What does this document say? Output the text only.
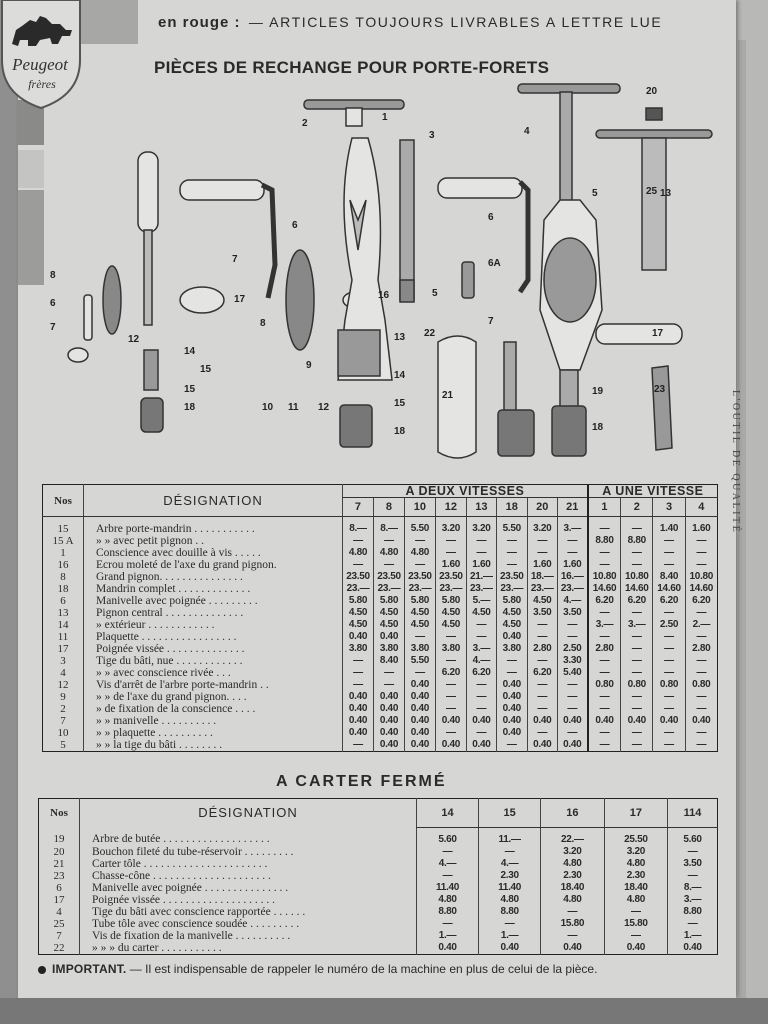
Peugeot
frères
en rouge : — ARTICLES TOUJOURS LIVRABLES A LETTRE LUE
PIÈCES DE RECHANGE POUR PORTE-FORETS
L'OUTIL DE QUALITÉ
2
1
3	4
5
5
6
6
6
6A
7
7
7
8
8
9
10 11
12
12
13
13
14
14
15
15
15
16
17
17
18
18	18
19
20
21
22
23
25
Nos	DÉSIGNATION	A DEUX VITESSES								A UNE VITESSE			
		7	8	10	12	13	18	20	21	1	2	3	4
15	Arbre porte-mandrin . . . . . . . . . . .	8.—	8.—	5.50	3.20	3.20	5.50	3.20	3.—	—	—	1.40	1.60
15 A	» » avec petit pignon . .	—	—	—	—	—	—	—	—	8.80	8.80	—	—
1	Conscience avec douille à vis . . . . .	4.80	4.80	4.80	—	—	—	—	—	—	—	—	—
16	Ecrou moleté de l'axe du grand pignon.	—	—	—	1.60	1.60	—	1.60	1.60	—	—	—	—
8	Grand pignon. . . . . . . . . . . . . . .	23.50	23.50	23.50	23.50	21.—	23.50	18.—	16.—	10.80	10.80	8.40	10.80
18	Mandrin complet . . . . . . . . . . . . .	23.—	23.—	23.—	23.—	23.—	23.—	23.—	23.—	14.60	14.60	14.60	14.60
6	Manivelle avec poignée . . . . . . . . .	5.80	5.80	5.80	5.80	5.—	5.80	4.50	4.—	6.20	6.20	6.20	6.20
13	Pignon central . . . . . . . . . . . . . .	4.50	4.50	4.50	4.50	4.50	4.50	3.50	3.50	—	—	—	—
14	» extérieur . . . . . . . . . . . .	4.50	4.50	4.50	4.50	—	4.50	—	—	3.—	3.—	2.50	2.—
11	Plaquette . . . . . . . . . . . . . . . . .	0.40	0.40	—	—	—	0.40	—	—	—	—	—	—
17	Poignée vissée . . . . . . . . . . . . . .	3.80	3.80	3.80	3.80	3.—	3.80	2.80	2.50	2.80	—	—	2.80
3	Tige du bâti, nue . . . . . . . . . . . .	—	8.40	5.50	—	4.—	—	—	3.30	—	—	—	—
4	» » avec conscience rivée . . .	—	—	—	6.20	6.20	—	6.20	5.40	—	—	—	—
12	Vis d'arrêt de l'arbre porte-mandrin . .	—	—	0.40	—	—	0.40	—	—	0.80	0.80	0.80	0.80
9	» » de l'axe du grand pignon. . . .	0.40	0.40	0.40	—	—	0.40	—	—	—	—	—	—
2	» de fixation de la conscience . . . .	0.40	0.40	0.40	—	—	0.40	—	—	—	—	—	—
7	» » manivelle . . . . . . . . . .	0.40	0.40	0.40	0.40	0.40	0.40	0.40	0.40	0.40	0.40	0.40	0.40
10	» » plaquette . . . . . . . . . .	0.40	0.40	0.40	—	—	0.40	—	—	—	—	—	—
5	» » la tige du bâti . . . . . . . .	—	0.40	0.40	0.40	0.40	—	0.40	0.40	—	—	—	—
A CARTER FERMÉ
Nos	DÉSIGNATION	14	15	16	17	114
19	Arbre de butée . . . . . . . . . . . . . . . . . . .	5.60	11.—	22.—	25.50	5.60
20	Bouchon fileté du tube-réservoir . . . . . . . . .	—	—	3.20	3.20	—
21	Carter tôle . . . . . . . . . . . . . . . . . . . . . .	4.—	4.—	4.80	4.80	3.50
23	Chasse-cône . . . . . . . . . . . . . . . . . . . . .	—	2.30	2.30	2.30	—
6	Manivelle avec poignée . . . . . . . . . . . . . . .	11.40	11.40	18.40	18.40	8.—
17	Poignée vissée . . . . . . . . . . . . . . . . . . . .	4.80	4.80	4.80	4.80	3.—
4	Tige du bâti avec conscience rapportée . . . . . .	8.80	8.80	—	—	8.80
25	Tube tôle avec conscience soudée . . . . . . . . .	—	—	15.80	15.80	—
7	Vis de fixation de la manivelle . . . . . . . . . .	1.—	1.—	—	—	1.—
22	» » » du carter . . . . . . . . . . .	0.40	0.40	0.40	0.40	0.40
IMPORTANT. — Il est indispensable de rappeler le numéro de la machine en plus de celui de la pièce.
